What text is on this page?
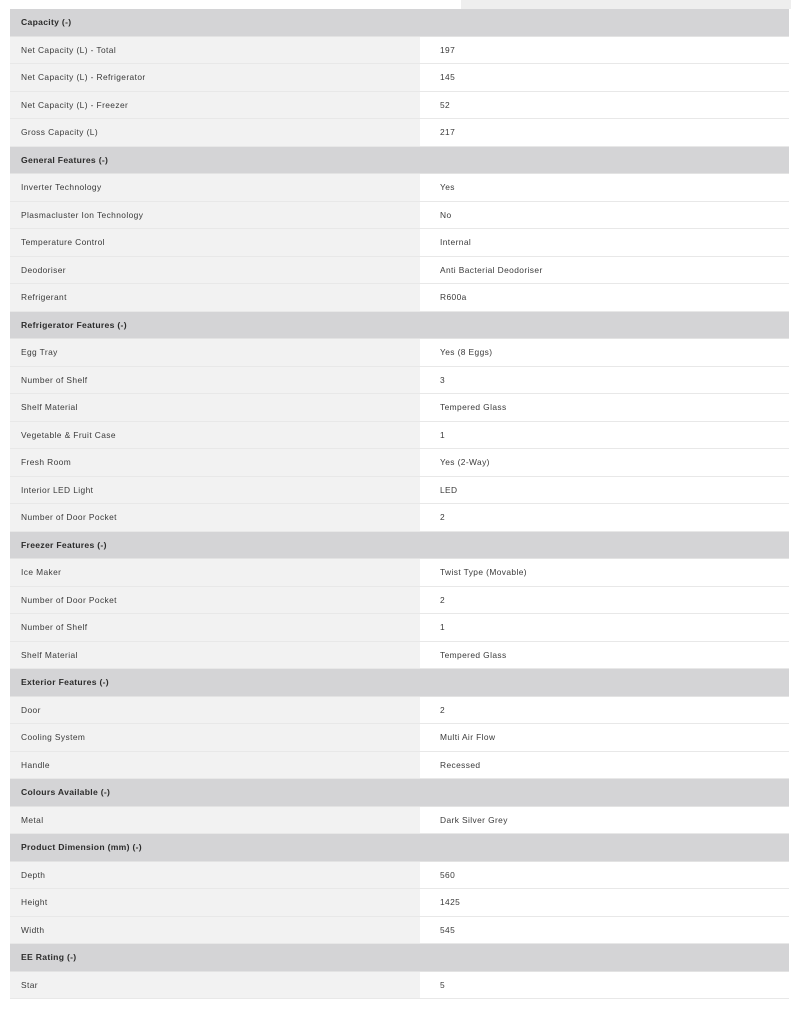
Capacity (-)
Net Capacity (L) - Total	197
Net Capacity (L) - Refrigerator	145
Net Capacity (L) - Freezer	52
Gross Capacity (L)	217
General Features (-)
Inverter Technology	Yes
Plasmacluster Ion Technology	No
Temperature Control	Internal
Deodoriser	Anti Bacterial Deodoriser
Refrigerant	R600a
Refrigerator Features (-)
Egg Tray	Yes (8 Eggs)
Number of Shelf	3
Shelf Material	Tempered Glass
Vegetable & Fruit Case	1
Fresh Room	Yes (2-Way)
Interior LED Light	LED
Number of Door Pocket	2
Freezer Features (-)
Ice Maker	Twist Type (Movable)
Number of Door Pocket	2
Number of Shelf	1
Shelf Material	Tempered Glass
Exterior Features (-)
Door	2
Cooling System	Multi Air Flow
Handle	Recessed
Colours Available (-)
Metal	Dark Silver Grey
Product Dimension (mm) (-)
Depth	560
Height	1425
Width	545
EE Rating (-)
Star	5
